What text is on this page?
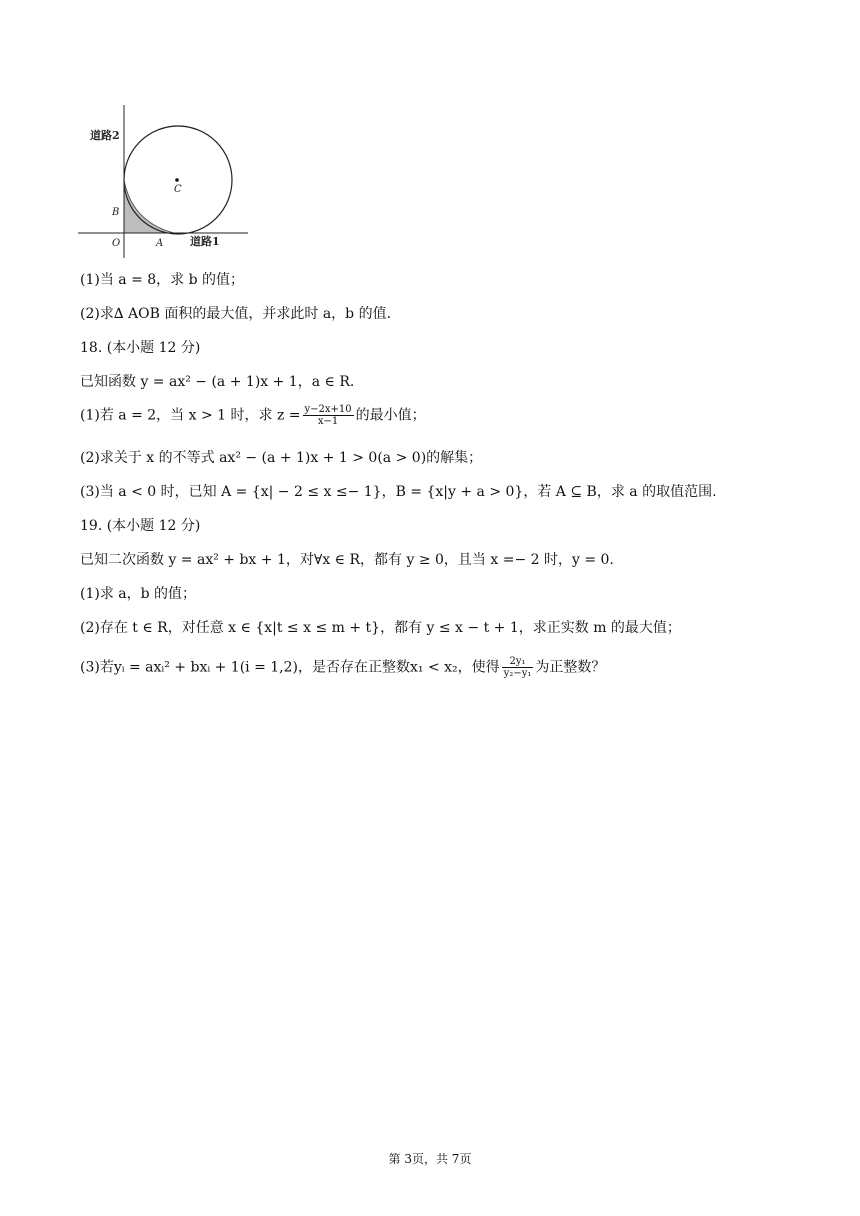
道路2
道路1
C
B
O	A
(1)当 a = 8，求 b 的值；
(2)求∆ AOB 面积的最大值，并求此时 a，b 的值.
18. (本小题 12 分)
已知函数 y = ax² − (a + 1)x + 1，a ∈ R.
(1)若 a = 2，当 x > 1 时，求 $z = \frac{y-2x+10}{x-1}$ 的最小值；
(2)求关于 x 的不等式 ax² − (a + 1)x + 1 > 0(a > 0)的解集；
(3)当 a < 0 时，已知 A = {x| − 2 ≤ x ≤− 1}，B = {x|y + a > 0}，若 A ⊆ B，求 a 的取值范围.
19. (本小题 12 分)
已知二次函数 y = ax² + bx + 1，对∀x ∈ R，都有 y ≥ 0，且当 x =− 2 时，y = 0.
(1)求 a，b 的值；
(2)存在 t ∈ R，对任意 x ∈ {x|t ≤ x ≤ m + t}，都有 y ≤ x − t + 1，求正实数 m 的最大值；
(3)若yᵢ = axᵢ² + bxᵢ + 1(i = 1,2)，是否存在正整数x₁ < x₂，使得 $\frac{\text{2y₁}}{\text{y₂−y₁}}$ 为正整数？
第 3页，共 7页
